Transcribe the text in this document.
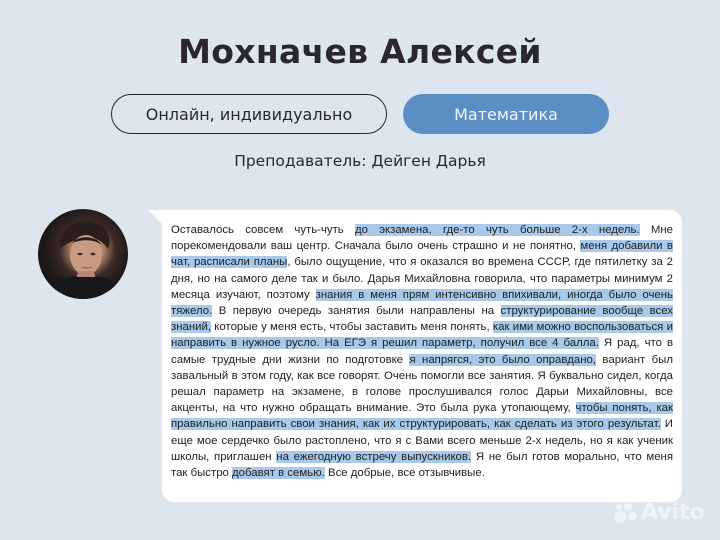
Мохначев Алексей
Онлайн, индивидуально	Математика
Преподаватель: Дейген Дарья

Оставалось совсем чуть-чуть до экзамена, где-то чуть больше 2-х недель. Мне порекомендовали ваш центр. Сначала было очень страшно и не понятно, меня добавили в чат, расписали планы, было ощущение, что я оказался во времена СССР, где пятилетку за 2 дня, но на самого деле так и было. Дарья Михайловна говорила, что параметры минимум 2 месяца изучают, поэтому знания в меня прям интенсивно впихивали, иногда было очень тяжело. В первую очередь занятия были направлены на структурирование вообще всех знаний, которые у меня есть, чтобы заставить меня понять, как ими можно воспользоваться и направить в нужное русло. На ЕГЭ я решил параметр, получил все 4 балла. Я рад, что в самые трудные дни жизни по подготовке я напрягся, это было оправдано, вариант был завальный в этом году, как все говорят. Очень помогли все занятия. Я буквально сидел, когда решал параметр на экзамене, в голове прослушивался голос Дарьи Михайловны, все акценты, на что нужно обращать внимание. Это была рука утопающему, чтобы понять, как правильно направить свои знания, как их структурировать, как сделать из этого результат. И еще мое сердечко было растоплено, что я с Вами всего меньше 2-х недель, но я как ученик школы, приглашен на ежегодную встречу выпускников. Я не был готов морально, что меня так быстро добавят в семью. Все добрые, все отзывчивые.

Avito
